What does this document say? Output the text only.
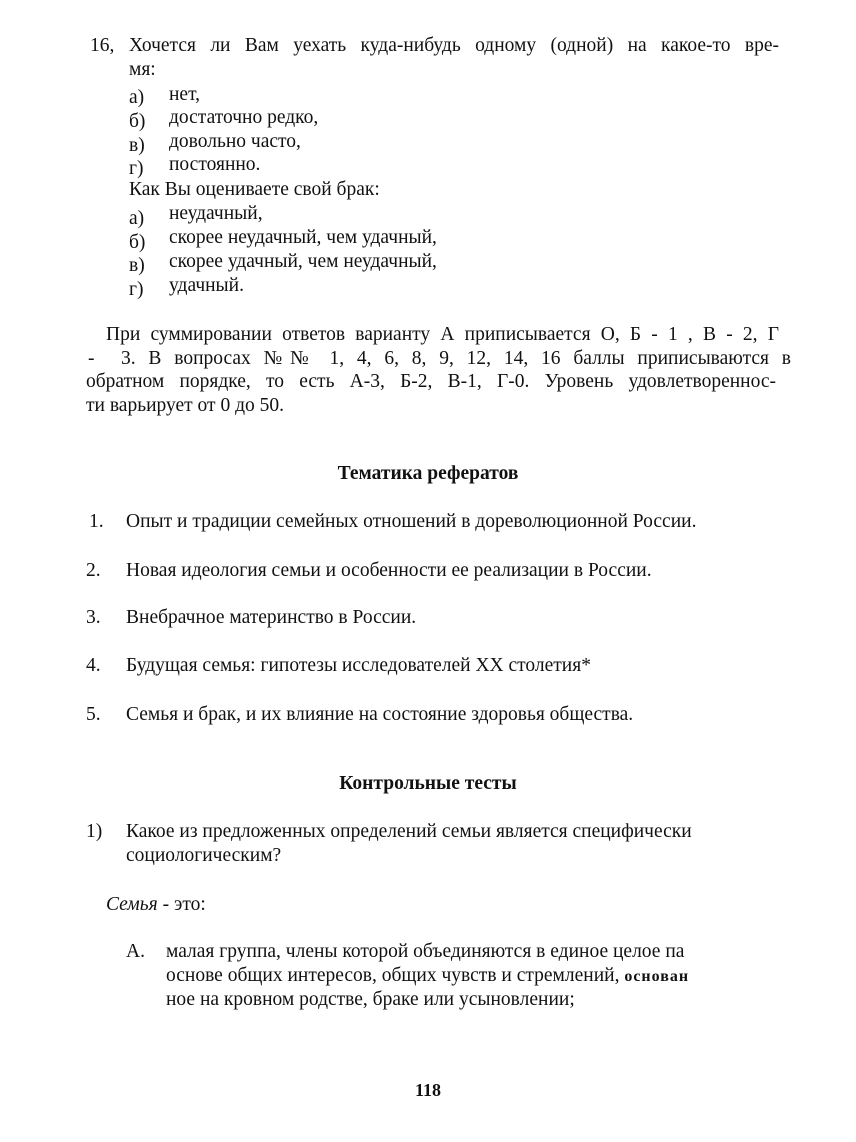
16, Хочется ли Вам уехать куда-нибудь одному (одной) на какое-то вре-
мя:
а) нет,
б) достаточно редко,
в) довольно часто,
г) постоянно.
Как Вы оцениваете свой брак:
а) неудачный,
б) скорее неудачный, чем удачный,
в) скорее удачный, чем неудачный,
г) удачный.
При суммировании ответов варианту А приписывается О, Б - 1 , В - 2, Г
- 3. В вопросах №№ 1, 4, 6, 8, 9, 12, 14, 16 баллы приписываются в
обратном порядке, то есть А-3, Б-2, В-1, Г-0. Уровень удовлетвореннос-
ти варьирует от 0 до 50.
Тематика рефератов
1. Опыт и традиции семейных отношений в дореволюционной России.
2. Новая идеология семьи и особенности ее реализации в России.
3. Внебрачное материнство в России.
4. Будущая семья: гипотезы исследователей XX столетия*
5. Семья и брак, и их влияние на состояние здоровья общества.
Контрольные тесты
1) Какое из предложенных определений семьи является специфически
социологическим?
Семья - это:
А. малая группа, члены которой объединяются в единое целое па
основе общих интересов, общих чувств и стремлений, основан
ное на кровном родстве, браке или усыновлении;
118
